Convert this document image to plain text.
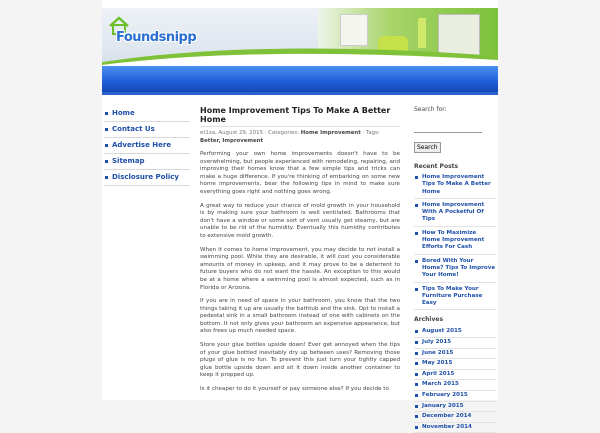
Foundsnipp
Home
Contact Us
Advertise Here
Sitemap
Disclosure Policy
Home Improvement Tips To Make A Better Home
et1za, August 29, 2015 · Categories: Home Improvement · Tags: Better, Improvement
Performing your own home improvements doesn't have to be overwhelming, but people experienced with remodeling, repairing, and improving their homes know that a few simple tips and tricks can make a huge difference. If you're thinking of embarking on some new home improvements, bear the following tips in mind to make sure everything goes right and nothing goes wrong.
A great way to reduce your chance of mold growth in your household is by making sure your bathroom is well ventilated. Bathrooms that don't have a window or some sort of vent usually get steamy, but are unable to be rid of the humidity. Eventually this humidity contributes to extensive mold growth.
When it comes to home improvement, you may decide to not install a swimming pool. While they are desirable, it will cost you considerable amounts of money in upkeep, and it may prove to be a deterrent to future buyers who do not want the hassle. An exception to this would be at a home where a swimming pool is almost expected, such as in Florida or Arizona.
If you are in need of space in your bathroom, you know that the two things taking it up are usually the bathtub and the sink. Opt to install a pedestal sink in a small bathroom instead of one with cabinets on the bottom. It not only gives your bathroom an expensive appearance, but also frees up much needed space.
Store your glue bottles upside down! Ever get annoyed when the tips of your glue bottled inevitably dry up between uses? Removing those plugs of glue is no fun. To prevent this just turn your tightly capped glue bottle upside down and sit it down inside another container to keep it propped up.
Is it cheaper to do it yourself or pay someone else? If you decide to
Search for:
Search
Recent Posts
Home Improvement Tips To Make A Better Home
Home Improvement With A Pocketful Of Tips
How To Maximize Home Improvement Efforts For Cash
Bored With Your Home? Tips To Improve Your Home!
Tips To Make Your Furniture Purchase Easy
Archives
August 2015
July 2015
June 2015
May 2015
April 2015
March 2015
February 2015
January 2015
December 2014
November 2014
